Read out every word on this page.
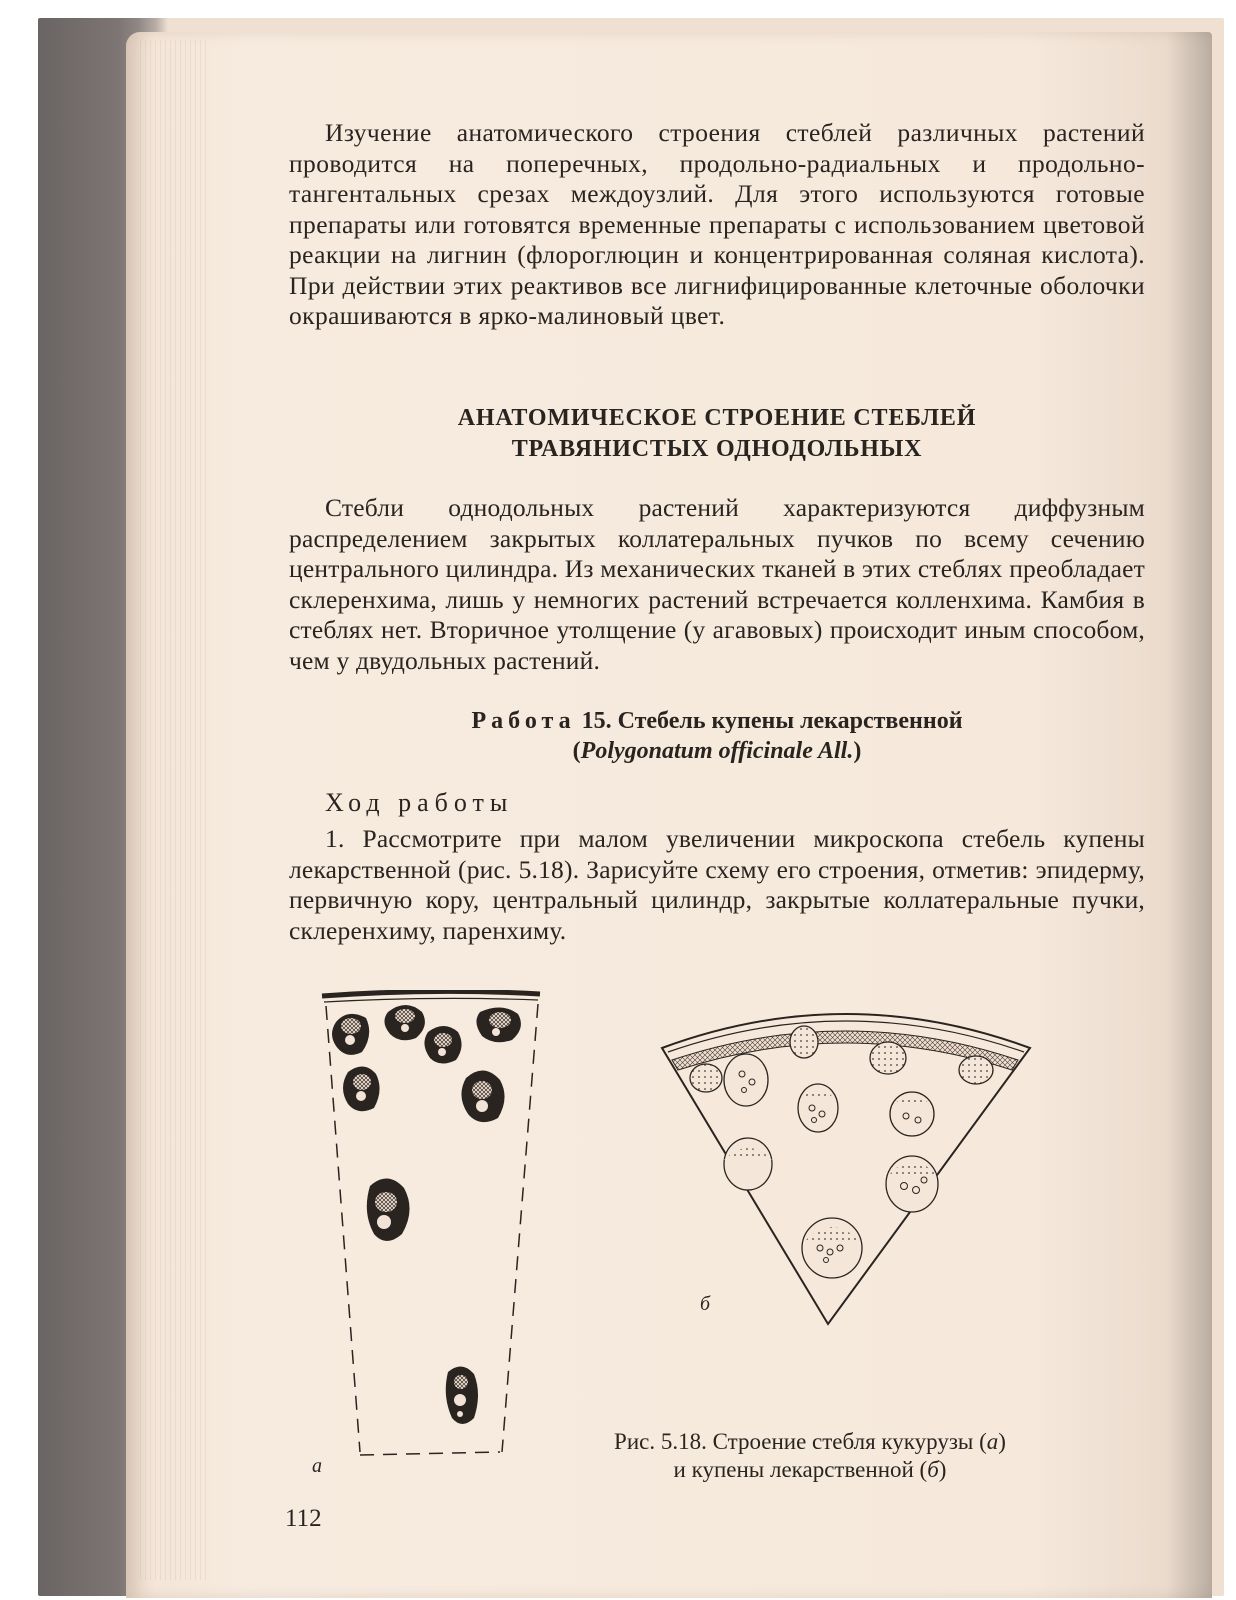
Изучение анатомического строения стеблей различных растений проводится на поперечных, продольно-радиальных и продольно-тангентальных срезах междоузлий. Для этого используются готовые препараты или готовятся временные препараты с использованием цветовой реакции на лигнин (флороглюцин и концентрированная соляная кислота). При действии этих реактивов все лигнифицированные клеточные оболочки окрашиваются в ярко-малиновый цвет.
АНАТОМИЧЕСКОЕ СТРОЕНИЕ СТЕБЛЕЙ
ТРАВЯНИСТЫХ ОДНОДОЛЬНЫХ
Стебли однодольных растений характеризуются диффузным распределением закрытых коллатеральных пучков по всему сечению центрального цилиндра. Из механических тканей в этих стеблях преобладает склеренхима, лишь у немногих растений встречается колленхима. Камбия в стеблях нет. Вторичное утолщение (у агавовых) происходит иным способом, чем у двудольных растений.
Работа 15. Стебель купены лекарственной
(Polygonatum officinale All.)
Ход работы
1. Рассмотрите при малом увеличении микроскопа стебель купены лекарственной (рис. 5.18). Зарисуйте схему его строения, отметив: эпидерму, первичную кору, центральный цилиндр, закрытые коллатеральные пучки, склеренхиму, паренхиму.
а
б
Рис. 5.18. Строение стебля кукурузы (а)
и купены лекарственной (б)
112
